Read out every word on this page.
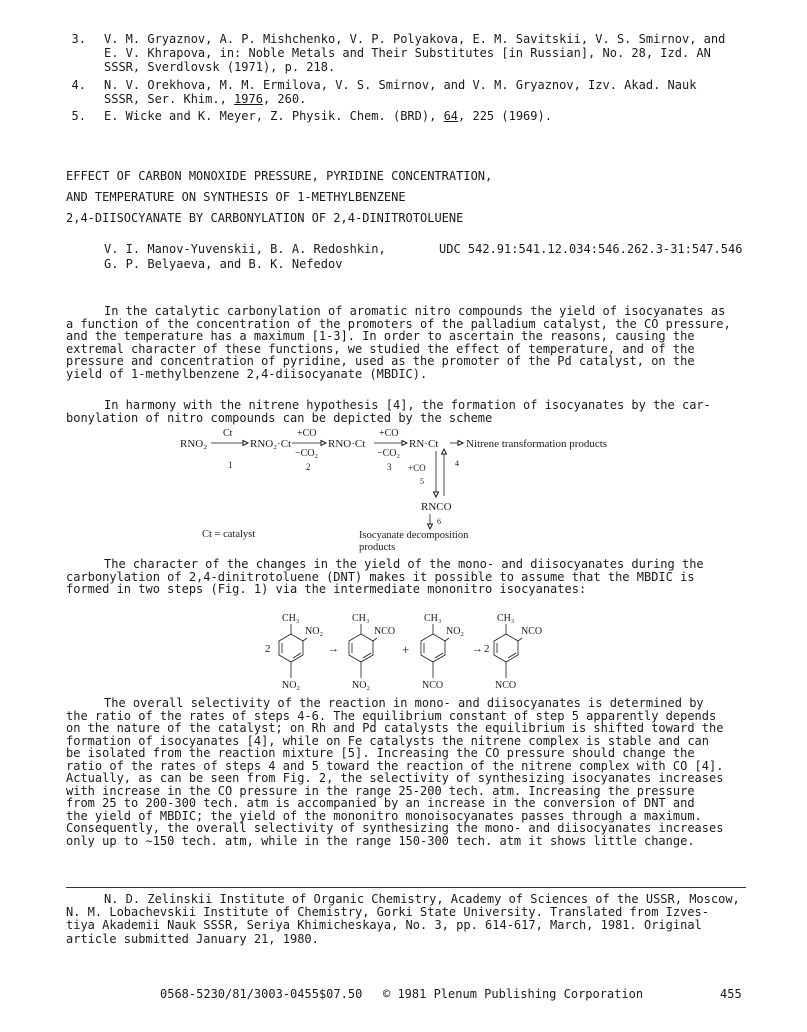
3. V. M. Gryaznov, A. P. Mishchenko, V. P. Polyakova, E. M. Savitskii, V. S. Smirnov, and
E. V. Khrapova, in: Noble Metals and Their Substitutes [in Russian], No. 28, Izd. AN
SSSR, Sverdlovsk (1971), p. 218.
4. N. V. Orekhova, M. M. Ermilova, V. S. Smirnov, and V. M. Gryaznov, Izv. Akad. Nauk
SSSR, Ser. Khim., 1976, 260.
5. E. Wicke and K. Meyer, Z. Physik. Chem. (BRD), 64, 225 (1969).
EFFECT OF CARBON MONOXIDE PRESSURE, PYRIDINE CONCENTRATION,
AND TEMPERATURE ON SYNTHESIS OF 1-METHYLBENZENE
2,4-DIISOCYANATE BY CARBONYLATION OF 2,4-DINITROTOLUENE
V. I. Manov-Yuvenskii, B. A. Redoshkin,
G. P. Belyaeva, and B. K. Nefedov
UDC 542.91:541.12.034:546.262.3-31:547.546
In the catalytic carbonylation of aromatic nitro compounds the yield of isocyanates as
a function of the concentration of the promoters of the palladium catalyst, the CO pressure,
and the temperature has a maximum [1-3]. In order to ascertain the reasons, causing the
extremal character of these functions, we studied the effect of temperature, and of the
pressure and concentration of pyridine, used as the promoter of the Pd catalyst, on the
yield of 1-methylbenzene 2,4-diisocyanate (MBDIC).
In harmony with the nitrene hypothesis [4], the formation of isocyanates by the car-
bonylation of nitro compounds can be depicted by the scheme
RNO₂
Ct
RNO₂·Ct
+CO
−CO₂
RNO·Ct
+CO
−CO₂
RN·Ct	Nitrene transformation products
1	2	3	4
5
+CO
RNCO
6
Ct = catalyst	Isocyanate decomposition
products
The character of the changes in the yield of the mono- and diisocyanates during the
carbonylation of 2,4-dinitrotoluene (DNT) makes it possible to assume that the MBDIC is
formed in two steps (Fig. 1) via the intermediate mononitro isocyanates:
2	2
→	+	→
CH₃
NO₂
NO₂
CH₃
NCO
NO₂
CH₃
NO₂
NCO
CH₃
NCO
NCO
The overall selectivity of the reaction in mono- and diisocyanates is determined by
the ratio of the rates of steps 4-6. The equilibrium constant of step 5 apparently depends
on the nature of the catalyst; on Rh and Pd catalysts the equilibrium is shifted toward the
formation of isocyanates [4], while on Fe catalysts the nitrene complex is stable and can
be isolated from the reaction mixture [5]. Increasing the CO pressure should change the
ratio of the rates of steps 4 and 5 toward the reaction of the nitrene complex with CO [4].
Actually, as can be seen from Fig. 2, the selectivity of synthesizing isocyanates increases
with increase in the CO pressure in the range 25-200 tech. atm. Increasing the pressure
from 25 to 200-300 tech. atm is accompanied by an increase in the conversion of DNT and
the yield of MBDIC; the yield of the mononitro monoisocyanates passes through a maximum.
Consequently, the overall selectivity of synthesizing the mono- and diisocyanates increases
only up to ∼150 tech. atm, while in the range 150-300 tech. atm it shows little change.
N. D. Zelinskii Institute of Organic Chemistry, Academy of Sciences of the USSR, Moscow,
N. M. Lobachevskii Institute of Chemistry, Gorki State University. Translated from Izves-
tiya Akademii Nauk SSSR, Seriya Khimicheskaya, No. 3, pp. 614-617, March, 1981. Original
article submitted January 21, 1980.
0568-5230/81/3003-0455$07.50 © 1981 Plenum Publishing Corporation	455
